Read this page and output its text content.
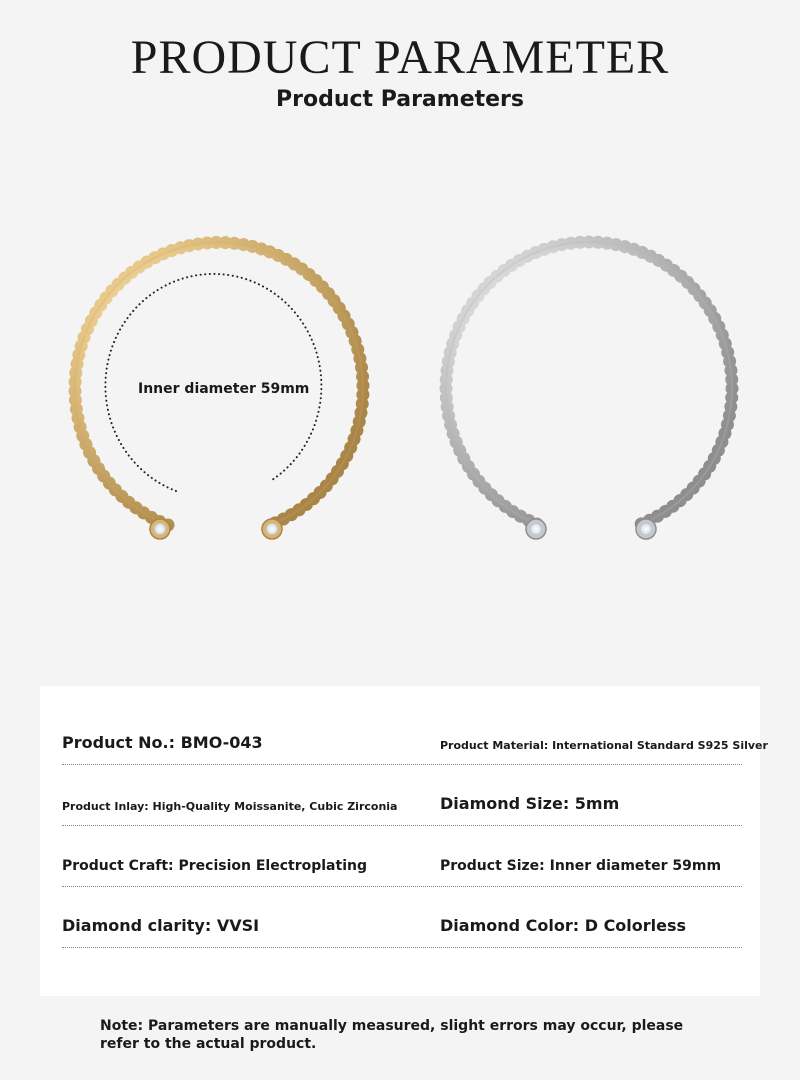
PRODUCT PARAMETER
Product Parameters
Inner diameter 59mm
Product No.: BMO-043	Product Material: International Standard S925 Silver
Product Inlay: High-Quality Moissanite, Cubic Zirconia	Diamond Size: 5mm
Product Craft: Precision Electroplating	Product Size: Inner diameter 59mm
Diamond clarity: VVSI	Diamond Color: D Colorless
Note: Parameters are manually measured, slight errors may occur, please refer to the actual product.
